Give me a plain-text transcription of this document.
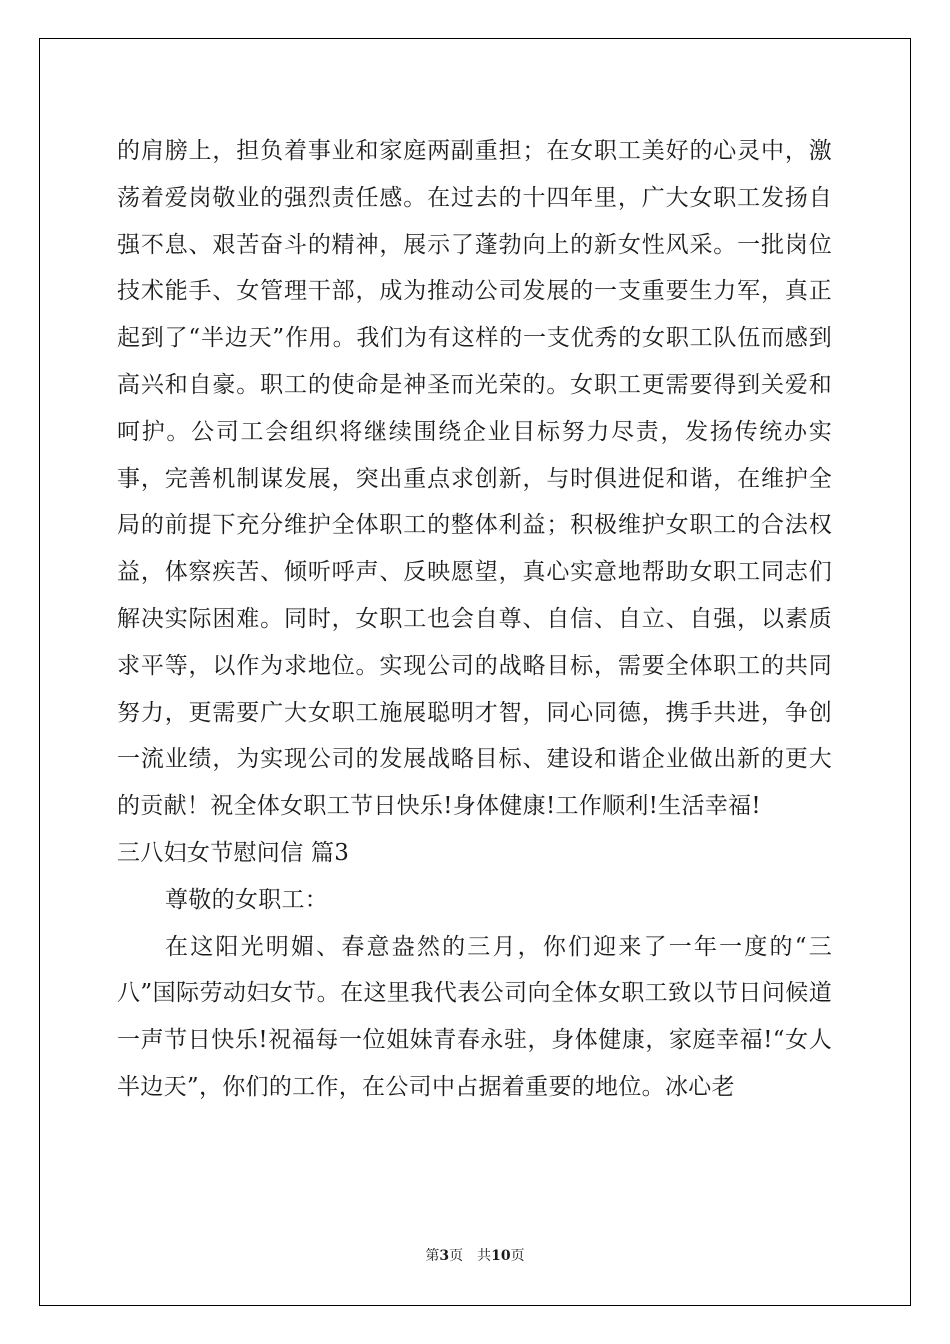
的肩膀上，担负着事业和家庭两副重担；在女职工美好的心灵中，激荡着爱岗敬业的强烈责任感。在过去的十四年里，广大女职工发扬自强不息、艰苦奋斗的精神，展示了蓬勃向上的新女性风采。一批岗位技术能手、女管理干部，成为推动公司发展的一支重要生力军，真正起到了“半边天”作用。我们为有这样的一支优秀的女职工队伍而感到高兴和自豪。职工的使命是神圣而光荣的。女职工更需要得到关爱和呵护。公司工会组织将继续围绕企业目标努力尽责，发扬传统办实事，完善机制谋发展，突出重点求创新，与时俱进促和谐，在维护全局的前提下充分维护全体职工的整体利益；积极维护女职工的合法权益，体察疾苦、倾听呼声、反映愿望，真心实意地帮助女职工同志们解决实际困难。同时，女职工也会自尊、自信、自立、自强，以素质求平等，以作为求地位。实现公司的战略目标，需要全体职工的共同努力，更需要广大女职工施展聪明才智，同心同德，携手共进，争创一流业绩，为实现公司的发展战略目标、建设和谐企业做出新的更大的贡献！祝全体女职工节日快乐!身体健康!工作顺利!生活幸福!

三八妇女节慰问信 篇3

尊敬的女职工：

在这阳光明媚、春意盎然的三月，你们迎来了一年一度的“三八”国际劳动妇女节。在这里我代表公司向全体女职工致以节日问候道一声节日快乐!祝福每一位姐妹青春永驻，身体健康，家庭幸福!“女人半边天”，你们的工作，在公司中占据着重要的地位。冰心老

第3页 共10页
